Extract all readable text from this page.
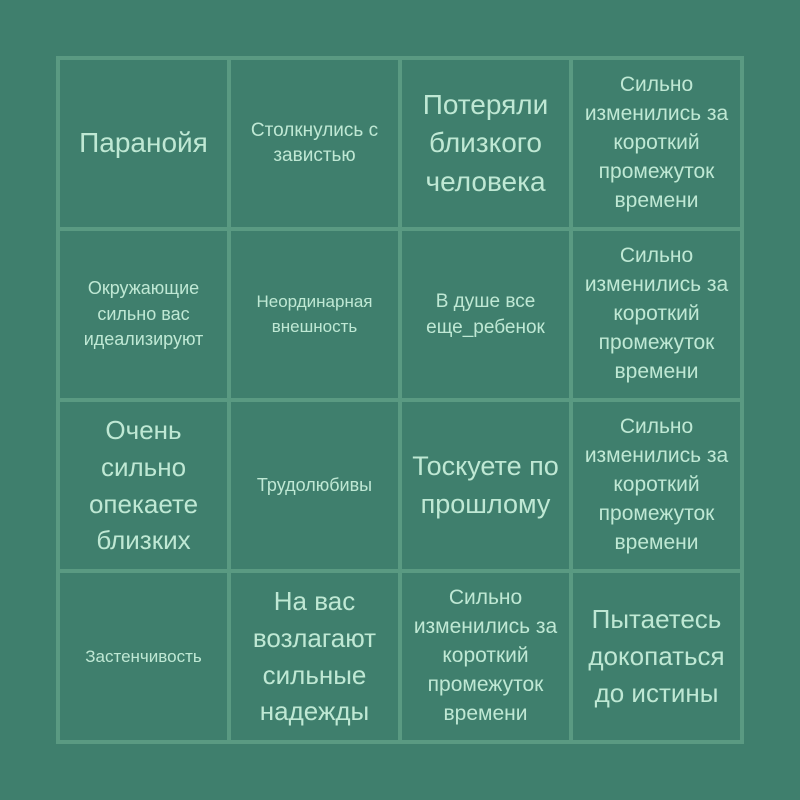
Паранойя	Столкнулись с завистью
Потеряли близкого человека
Сильно изменились за короткий промежуток времени
Окружающие сильно вас идеализируют
Неординарная внешность
В душе все еще_ребенок
Сильно изменились за короткий промежуток времени
Очень сильно опекаете близких
Трудолюбивы
Тоскуете по прошлому
Сильно изменились за короткий промежуток времени
Застенчивость
На вас возлагают сильные надежды
Сильно изменились за короткий промежуток времени
Пытаетесь докопаться до истины
